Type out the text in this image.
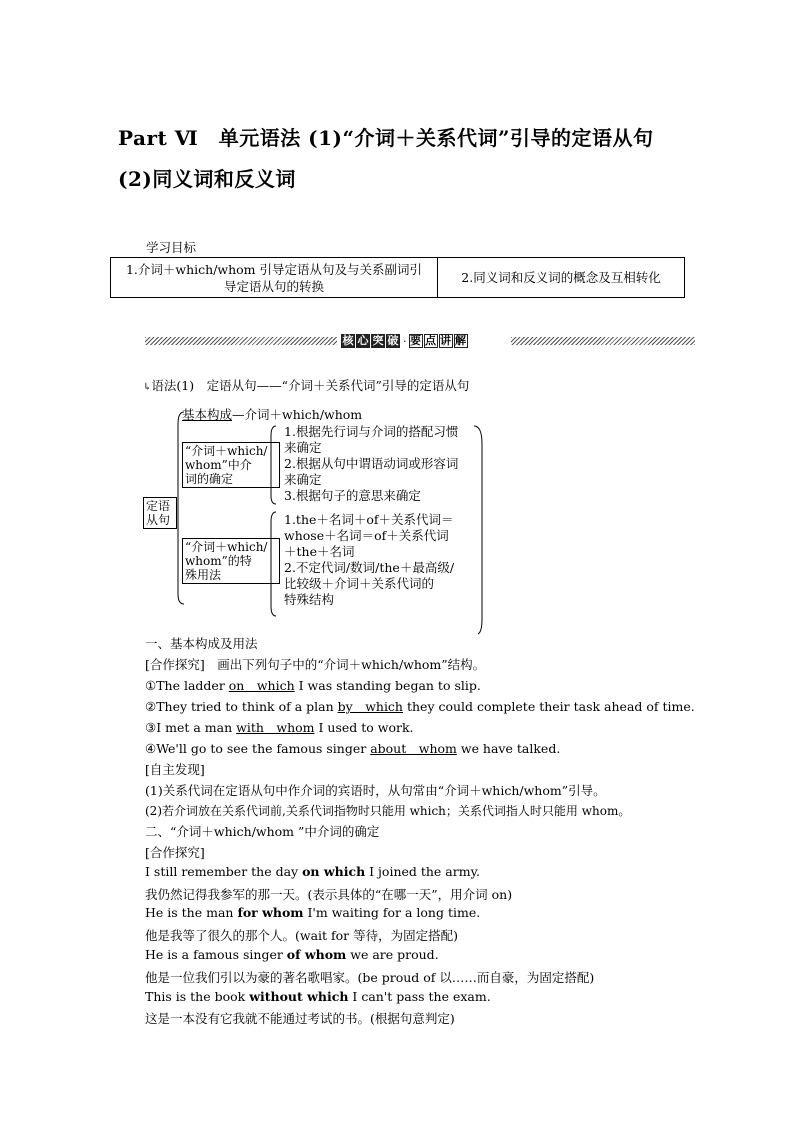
Part Ⅵ　单元语法 (1)“介词＋关系代词”引导的定语从句
(2)同义词和反义词
学习目标
1.介词＋which/whom 引导定语从句及与关系副词引
导定语从句的转换
	2.同义词和反义词的概念及互相转化
核 心 突 破 · 要 点 讲 解
↳语法(1)　定语从句——“介词＋关系代词”引导的定语从句
定语
从句
基本构成—介词＋which/whom
“介词＋which/
whom”中介
词的确定
1.根据先行词与介词的搭配习惯
来确定
2.根据从句中谓语动词或形容词
来确定
3.根据句子的意思来确定
“介词＋which/
whom”的特
殊用法
1.the＋名词＋of＋关系代词＝
whose＋名词＝of＋关系代词
＋the＋名词
2.不定代词/数词/the＋最高级/
比较级＋介词＋关系代词的
特殊结构
一、基本构成及用法
[合作探究]　画出下列句子中的“介词＋which/whom”结构。
①The ladder on　which I was standing began to slip.
②They tried to think of a plan by　which they could complete their task ahead of time.
③I met a man with　whom I used to work.
④We'll go to see the famous singer about　whom we have talked.
[自主发现]
(1)关系代词在定语从句中作介词的宾语时，从句常由“介词＋which/whom”引导。
(2)若介词放在关系代词前,关系代词指物时只能用 which；关系代词指人时只能用 whom。
二、“介词＋which/whom ”中介词的确定
[合作探究]
I still remember the day on which I joined the army.
我仍然记得我参军的那一天。(表示具体的“在哪一天”，用介词 on)
He is the man for whom I'm waiting for a long time.
他是我等了很久的那个人。(wait for 等待，为固定搭配)
He is a famous singer of whom we are proud.
他是一位我们引以为豪的著名歌唱家。(be proud of 以……而自豪，为固定搭配)
This is the book without which I can't pass the exam.
这是一本没有它我就不能通过考试的书。(根据句意判定)
